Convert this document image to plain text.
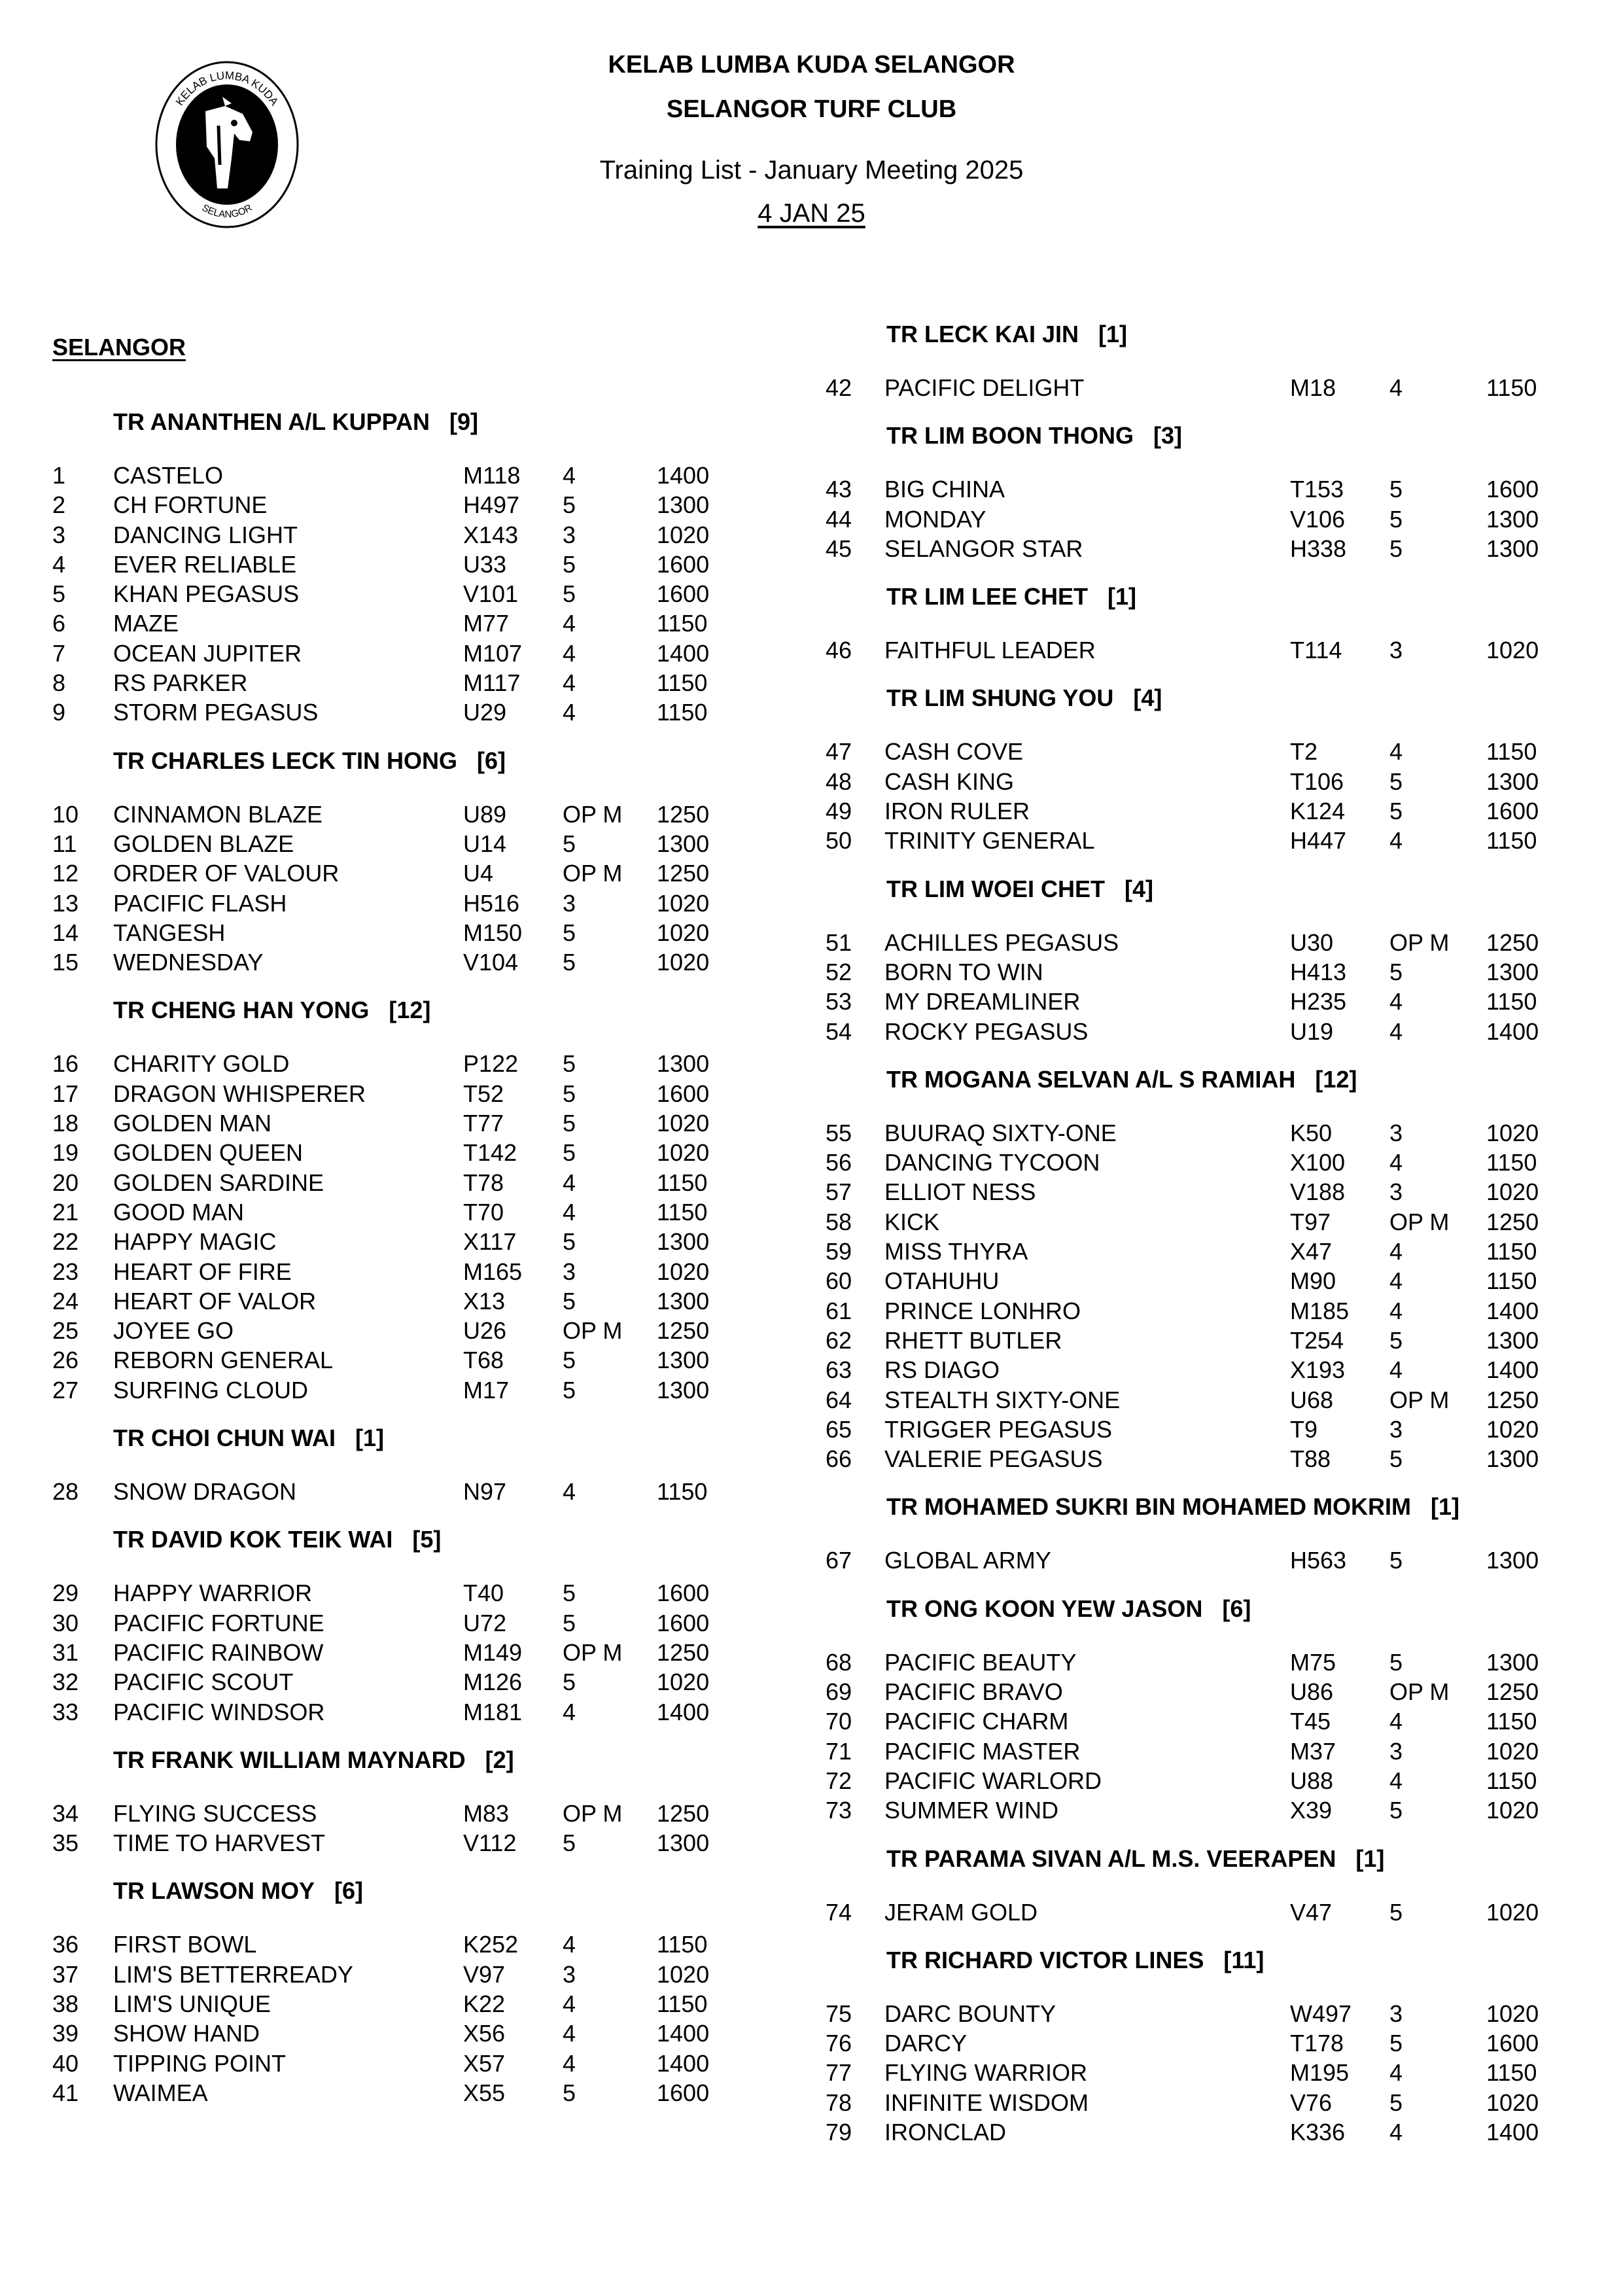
KELAB LUMBA KUDA
SELANGOR
KELAB LUMBA KUDA SELANGOR
SELANGOR TURF CLUB
Training List - January Meeting 2025
4 JAN 25
SELANGOR
TR ANANTHEN A/L KUPPAN [9]
1 CASTELO	M118 4	1400
2 CH FORTUNE	H497 5	1300
3 DANCING LIGHT	X143 3	1020
4 EVER RELIABLE	U33 5	1600
5 KHAN PEGASUS	V101 5	1600
6 MAZE	M77 4	1150
7 OCEAN JUPITER	M107 4	1400
8 RS PARKER	M117 4	1150
9 STORM PEGASUS	U29 4	1150
TR CHARLES LECK TIN HONG [6]
10 CINNAMON BLAZE	U89 OP M 1250
11 GOLDEN BLAZE	U14 5	1300
12 ORDER OF VALOUR	U4	OP M 1250
13 PACIFIC FLASH	H516 3	1020
14 TANGESH	M150 5	1020
15 WEDNESDAY	V104 5	1020
TR CHENG HAN YONG [12]
16 CHARITY GOLD	P122 5	1300
17 DRAGON WHISPERER	T52 5	1600
18 GOLDEN MAN	T77 5	1020
19 GOLDEN QUEEN	T142 5	1020
20 GOLDEN SARDINE	T78 4	1150
21 GOOD MAN	T70 4	1150
22 HAPPY MAGIC	X117 5	1300
23 HEART OF FIRE	M165 3	1020
24 HEART OF VALOR	X13 5	1300
25 JOYEE GO	U26 OP M 1250
26 REBORN GENERAL	T68 5	1300
27 SURFING CLOUD	M17 5	1300
TR CHOI CHUN WAI [1]
28 SNOW DRAGON	N97 4	1150
TR DAVID KOK TEIK WAI [5]
29 HAPPY WARRIOR	T40 5	1600
30 PACIFIC FORTUNE	U72 5	1600
31 PACIFIC RAINBOW	M149 OP M 1250
32 PACIFIC SCOUT	M126 5	1020
33 PACIFIC WINDSOR	M181 4	1400
TR FRANK WILLIAM MAYNARD [2]
34 FLYING SUCCESS	M83 OP M 1250
35 TIME TO HARVEST	V112 5	1300
TR LAWSON MOY [6]
36 FIRST BOWL	K252 4	1150
37 LIM'S BETTERREADY	V97 3	1020
38 LIM'S UNIQUE	K22 4	1150
39 SHOW HAND	X56 4	1400
40 TIPPING POINT	X57 4	1400
41 WAIMEA	X55 5	1600
TR LECK KAI JIN [1]
42 PACIFIC DELIGHT	M18 4	1150
TR LIM BOON THONG [3]
43 BIG CHINA	T153 5	1600
44 MONDAY	V106 5	1300
45 SELANGOR STAR	H338 5	1300
TR LIM LEE CHET [1]
46 FAITHFUL LEADER	T114 3	1020
TR LIM SHUNG YOU [4]
47 CASH COVE	T2	4	1150
48 CASH KING	T106 5	1300
49 IRON RULER	K124 5	1600
50 TRINITY GENERAL	H447 4	1150
TR LIM WOEI CHET [4]
51 ACHILLES PEGASUS	U30 OP M 1250
52 BORN TO WIN	H413 5	1300
53 MY DREAMLINER	H235 4	1150
54 ROCKY PEGASUS	U19 4	1400
TR MOGANA SELVAN A/L S RAMIAH [12]
55 BUURAQ SIXTY-ONE	K50 3	1020
56 DANCING TYCOON	X100 4	1150
57 ELLIOT NESS	V188 3	1020
58 KICK	T97 OP M 1250
59 MISS THYRA	X47 4	1150
60 OTAHUHU	M90 4	1150
61 PRINCE LONHRO	M185 4	1400
62 RHETT BUTLER	T254 5	1300
63 RS DIAGO	X193 4	1400
64 STEALTH SIXTY-ONE	U68 OP M 1250
65 TRIGGER PEGASUS	T9	3	1020
66 VALERIE PEGASUS	T88 5	1300
TR MOHAMED SUKRI BIN MOHAMED MOKRIM [1]
67 GLOBAL ARMY	H563 5	1300
TR ONG KOON YEW JASON [6]
68 PACIFIC BEAUTY	M75 5	1300
69 PACIFIC BRAVO	U86 OP M 1250
70 PACIFIC CHARM	T45 4	1150
71 PACIFIC MASTER	M37 3	1020
72 PACIFIC WARLORD	U88 4	1150
73 SUMMER WIND	X39 5	1020
TR PARAMA SIVAN A/L M.S. VEERAPEN [1]
74 JERAM GOLD	V47 5	1020
TR RICHARD VICTOR LINES [11]
75 DARC BOUNTY	W497 3	1020
76 DARCY	T178 5	1600
77 FLYING WARRIOR	M195 4	1150
78 INFINITE WISDOM	V76 5	1020
79 IRONCLAD	K336 4	1400
